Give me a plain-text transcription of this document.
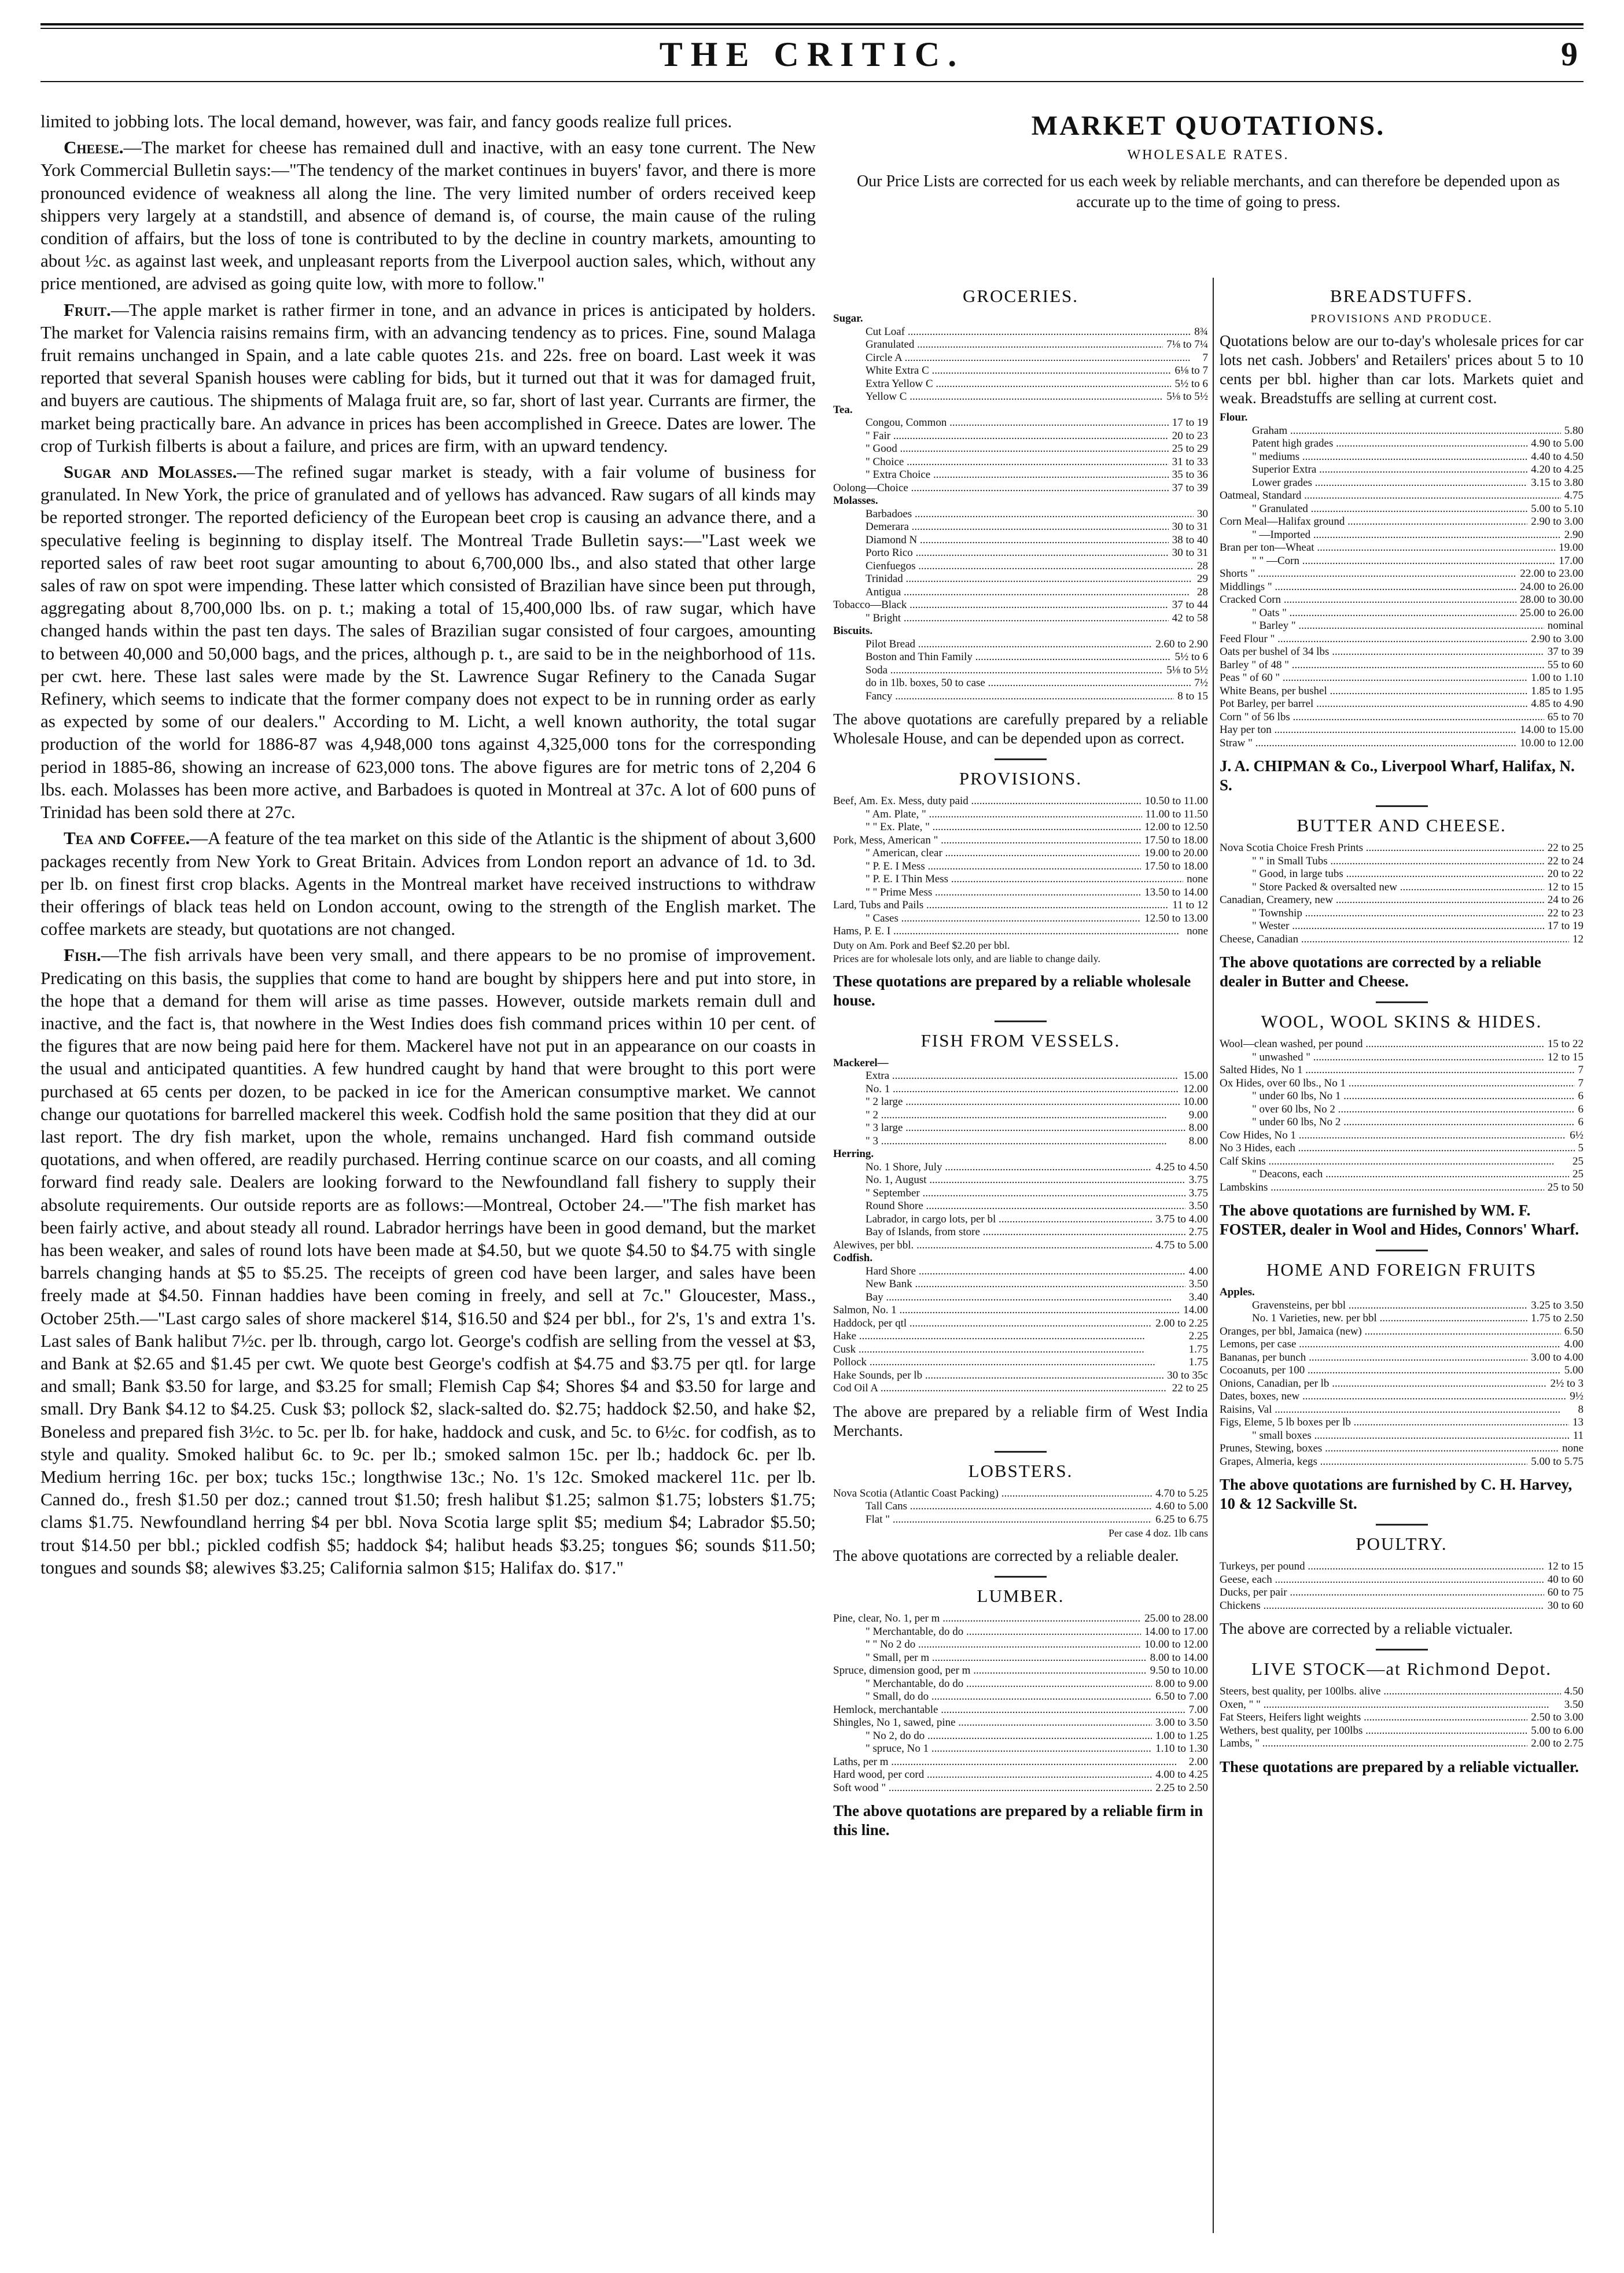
THE CRITIC.	9

limited to jobbing lots. The local demand, however, was fair, and fancy goods realize full prices.

Cheese.—The market for cheese has remained dull and inactive, with an easy tone current. The New York Commercial Bulletin says:—"The tendency of the market continues in buyers' favor, and there is more pronounced evidence of weakness all along the line. The very limited number of orders received keep shippers very largely at a standstill, and absence of demand is, of course, the main cause of the ruling condition of affairs, but the loss of tone is contributed to by the decline in country markets, amounting to about ½c. as against last week, and unpleasant reports from the Liverpool auction sales, which, without any price mentioned, are advised as going quite low, with more to follow."

Fruit.—The apple market is rather firmer in tone, and an advance in prices is anticipated by holders. The market for Valencia raisins remains firm, with an advancing tendency as to prices. Fine, sound Malaga fruit remains unchanged in Spain, and a late cable quotes 21s. and 22s. free on board. Last week it was reported that several Spanish houses were cabling for bids, but it turned out that it was for damaged fruit, and buyers are cautious. The shipments of Malaga fruit are, so far, short of last year. Currants are firmer, the market being practically bare. An advance in prices has been accomplished in Greece. Dates are lower. The crop of Turkish filberts is about a failure, and prices are firm, with an upward tendency.

Sugar and Molasses.—The refined sugar market is steady, with a fair volume of business for granulated. In New York, the price of granulated and of yellows has advanced. Raw sugars of all kinds may be reported stronger. The reported deficiency of the European beet crop is causing an advance there, and a speculative feeling is beginning to display itself. The Montreal Trade Bulletin says:—"Last week we reported sales of raw beet root sugar amounting to about 6,700,000 lbs., and also stated that other large sales of raw on spot were impending. These latter which consisted of Brazilian have since been put through, aggregating about 8,700,000 lbs. on p. t.; making a total of 15,400,000 lbs. of raw sugar, which have changed hands within the past ten days. The sales of Brazilian sugar consisted of four cargoes, amounting to between 40,000 and 50,000 bags, and the prices, although p. t., are said to be in the neighborhood of 11s. per cwt. here. These last sales were made by the St. Lawrence Sugar Refinery to the Canada Sugar Refinery, which seems to indicate that the former company does not expect to be in running order as early as expected by some of our dealers." According to M. Licht, a well known authority, the total sugar production of the world for 1886-87 was 4,948,000 tons against 4,325,000 tons for the corresponding period in 1885-86, showing an increase of 623,000 tons. The above figures are for metric tons of 2,204 6 lbs. each. Molasses has been more active, and Barbadoes is quoted in Montreal at 37c. A lot of 600 puns of Trinidad has been sold there at 27c.

Tea and Coffee.—A feature of the tea market on this side of the Atlantic is the shipment of about 3,600 packages recently from New York to Great Britain. Advices from London report an advance of 1d. to 3d. per lb. on finest first crop blacks. Agents in the Montreal market have received instructions to withdraw their offerings of black teas held on London account, owing to the strength of the English market. The coffee markets are steady, but quotations are not changed.

Fish.—The fish arrivals have been very small, and there appears to be no promise of improvement. Predicating on this basis, the supplies that come to hand are bought by shippers here and put into store, in the hope that a demand for them will arise as time passes. However, outside markets remain dull and inactive, and the fact is, that nowhere in the West Indies does fish command prices within 10 per cent. of the figures that are now being paid here for them. Mackerel have not put in an appearance on our coasts in the usual and anticipated quantities. A few hundred caught by hand that were brought to this port were purchased at 65 cents per dozen, to be packed in ice for the American consumptive market. We cannot change our quotations for barrelled mackerel this week. Codfish hold the same position that they did at our last report. The dry fish market, upon the whole, remains unchanged. Hard fish command outside quotations, and when offered, are readily purchased. Herring continue scarce on our coasts, and all coming forward find ready sale. Dealers are looking forward to the Newfoundland fall fishery to supply their absolute requirements. Our outside reports are as follows:—Montreal, October 24.—"The fish market has been fairly active, and about steady all round. Labrador herrings have been in good demand, but the market has been weaker, and sales of round lots have been made at $4.50, but we quote $4.50 to $4.75 with single barrels changing hands at $5 to $5.25. The receipts of green cod have been larger, and sales have been freely made at $4.50. Finnan haddies have been coming in freely, and sell at 7c." Gloucester, Mass., October 25th.—"Last cargo sales of shore mackerel $14, $16.50 and $24 per bbl., for 2's, 1's and extra 1's. Last sales of Bank halibut 7½c. per lb. through, cargo lot. George's codfish are selling from the vessel at $3, and Bank at $2.65 and $1.45 per cwt. We quote best George's codfish at $4.75 and $3.75 per qtl. for large and small; Bank $3.50 for large, and $3.25 for small; Flemish Cap $4; Shores $4 and $3.50 for large and small. Dry Bank $4.12 to $4.25. Cusk $3; pollock $2, slack-salted do. $2.75; haddock $2.50, and hake $2, Boneless and prepared fish 3½c. to 5c. per lb. for hake, haddock and cusk, and 5c. to 6½c. for codfish, as to style and quality. Smoked halibut 6c. to 9c. per lb.; smoked salmon 15c. per lb.; haddock 6c. per lb. Medium herring 16c. per box; tucks 15c.; longthwise 13c.; No. 1's 12c. Smoked mackerel 11c. per lb. Canned do., fresh $1.50 per doz.; canned trout $1.50; fresh halibut $1.25; salmon $1.75; lobsters $1.75; clams $1.75. Newfoundland herring $4 per bbl. Nova Scotia large split $5; medium $4; Labrador $5.50; trout $14.50 per bbl.; pickled codfish $5; haddock $4; halibut heads $3.25; tongues $6; sounds $11.50; tongues and sounds $8; alewives $3.25; California salmon $15; Halifax do. $17."

MARKET QUOTATIONS.
WHOLESALE RATES.
Our Price Lists are corrected for us each week by reliable merchants, and can therefore be depended upon as accurate up to the time of going to press.
GROCERIES.
Sugar.
Cut Loaf .....	8¾
Granulated .....	7⅛ to 7¼
Circle A .....	7
White Extra C .....	6⅛ to 7
Extra Yellow C .....	5½ to 6
Yellow C .....	5⅛ to 5½
Tea.
Congou, Common .....	17 to 19
" Fair .....	20 to 23
" Good .....	25 to 29
" Choice .....	31 to 33
" Extra Choice .....	35 to 36
Oolong—Choice .....	37 to 39
Molasses.
Barbadoes .....	30
Demerara .....	30 to 31
Diamond N .....	38 to 40
Porto Rico .....	30 to 31
Cienfuegos .....	28
Trinidad .....	29
Antigua .....	28
Tobacco—Black .....	37 to 44
" Bright .....	42 to 58
Biscuits.
Pilot Bread .....	2.60 to 2.90
Boston and Thin Family .....	5½ to 6
Soda .....	5⅛ to 5½
do in 1lb. boxes, 50 to case .....	7½
Fancy .....	8 to 15
The above quotations are carefully prepared by a reliable Wholesale House, and can be depended upon as correct.
PROVISIONS.
Beef, Am. Ex. Mess, duty paid .....	10.50 to 11.00
" Am. Plate, " .....	11.00 to 11.50
" " Ex. Plate, " .....	12.00 to 12.50
Pork, Mess, American " .....	17.50 to 18.00
" American, clear .....	19.00 to 20.00
" P. E. I Mess .....	17.50 to 18.00
" P. E. I Thin Mess .....	none
" " Prime Mess .....	13.50 to 14.00
Lard, Tubs and Pails .....	11 to 12
" Cases .....	12.50 to 13.00
Hams, P. E. I .....	none
Duty on Am. Pork and Beef $2.20 per bbl.
Prices are for wholesale lots only, and are liable to change daily.
These quotations are prepared by a reliable wholesale house.
FISH FROM VESSELS.
Mackerel—
Extra .....	15.00
No. 1 .....	12.00
" 2 large .....	10.00
" 2 .....	9.00
" 3 large .....	8.00
" 3 .....	8.00
Herring.
No. 1 Shore, July .....	4.25 to 4.50
No. 1, August .....	3.75
" September .....	3.75
Round Shore .....	3.50
Labrador, in cargo lots, per bl .....	3.75 to 4.00
Bay of Islands, from store .....	2.75
Alewives, per bbl. .....	4.75 to 5.00
Codfish.
Hard Shore .....	4.00
New Bank .....	3.50
Bay .....	3.40
Salmon, No. 1 .....	14.00
Haddock, per qtl .....	2.00 to 2.25
Hake .....	2.25
Cusk .....	1.75
Pollock .....	1.75
Hake Sounds, per lb .....	30 to 35c
Cod Oil A .....	22 to 25
The above are prepared by a reliable firm of West India Merchants.
LOBSTERS.
Nova Scotia (Atlantic Coast Packing) .....	4.70 to 5.25
Tall Cans .....	4.60 to 5.00
Flat " .....	6.25 to 6.75
Per case 4 doz. 1lb cans
The above quotations are corrected by a reliable dealer.
LUMBER.
Pine, clear, No. 1, per m .....	25.00 to 28.00
" Merchantable, do do .....	14.00 to 17.00
" " No 2 do .....	10.00 to 12.00
" Small, per m .....	8.00 to 14.00
Spruce, dimension good, per m .....	9.50 to 10.00
" Merchantable, do do .....	8.00 to 9.00
" Small, do do .....	6.50 to 7.00
Hemlock, merchantable .....	7.00
Shingles, No 1, sawed, pine .....	3.00 to 3.50
" No 2, do do .....	1.00 to 1.25
" spruce, No 1 .....	1.10 to 1.30
Laths, per m .....	2.00
Hard wood, per cord .....	4.00 to 4.25
Soft wood " .....	2.25 to 2.50
The above quotations are prepared by a reliable firm in this line.
BREADSTUFFS.
PROVISIONS AND PRODUCE.
Quotations below are our to-day's wholesale prices for car lots net cash. Jobbers' and Retailers' prices about 5 to 10 cents per bbl. higher than car lots. Markets quiet and weak. Breadstuffs are selling at current cost.
Flour.
Graham .....	5.80
Patent high grades .....	4.90 to 5.00
" mediums .....	4.40 to 4.50
Superior Extra .....	4.20 to 4.25
Lower grades .....	3.15 to 3.80
Oatmeal, Standard .....	4.75
" Granulated .....	5.00 to 5.10
Corn Meal—Halifax ground .....	2.90 to 3.00
" —Imported .....	2.90
Bran per ton—Wheat .....	19.00
" " —Corn .....	17.00
Shorts " .....	22.00 to 23.00
Middlings " .....	24.00 to 26.00
Cracked Corn .....	28.00 to 30.00
" Oats " .....	25.00 to 26.00
" Barley " .....	nominal
Feed Flour " .....	2.90 to 3.00
Oats per bushel of 34 lbs .....	37 to 39
Barley " of 48 " .....	55 to 60
Peas " of 60 " .....	1.00 to 1.10
White Beans, per bushel .....	1.85 to 1.95
Pot Barley, per barrel .....	4.85 to 4.90
Corn " of 56 lbs .....	65 to 70
Hay per ton .....	14.00 to 15.00
Straw " .....	10.00 to 12.00
J. A. CHIPMAN & Co., Liverpool Wharf, Halifax, N. S.
BUTTER AND CHEESE.
Nova Scotia Choice Fresh Prints .....	22 to 25
" " in Small Tubs .....	22 to 24
" Good, in large tubs .....	20 to 22
" Store Packed & oversalted new .....	12 to 15
Canadian, Creamery, new .....	24 to 26
" Township .....	22 to 23
" Wester .....	17 to 19
Cheese, Canadian .....	12
The above quotations are corrected by a reliable dealer in Butter and Cheese.
WOOL, WOOL SKINS & HIDES.
Wool—clean washed, per pound .....	15 to 22
" unwashed " .....	12 to 15
Salted Hides, No 1 .....	7
Ox Hides, over 60 lbs., No 1 .....	7
" under 60 lbs, No 1 .....	6
" over 60 lbs, No 2 .....	6
" under 60 lbs, No 2 .....	6
Cow Hides, No 1 .....	6½
No 3 Hides, each .....	5
Calf Skins .....	25
" Deacons, each .....	25
Lambskins .....	25 to 50
The above quotations are furnished by WM. F. FOSTER, dealer in Wool and Hides, Connors' Wharf.
HOME AND FOREIGN FRUITS
Apples.
Gravensteins, per bbl .....	3.25 to 3.50
No. 1 Varieties, new. per bbl .....	1.75 to 2.50
Oranges, per bbl, Jamaica (new) .....	6.50
Lemons, per case .....	4.00
Bananas, per bunch .....	3.00 to 4.00
Cocoanuts, per 100 .....	5.00
Onions, Canadian, per lb .....	2½ to 3
Dates, boxes, new .....	9½
Raisins, Val .....	8
Figs, Eleme, 5 lb boxes per lb .....	13
" small boxes .....	11
Prunes, Stewing, boxes .....	none
Grapes, Almeria, kegs .....	5.00 to 5.75
The above quotations are furnished by C. H. Harvey, 10 & 12 Sackville St.
POULTRY.
Turkeys, per pound .....	12 to 15
Geese, each .....	40 to 60
Ducks, per pair .....	60 to 75
Chickens .....	30 to 60
The above are corrected by a reliable victualer.
LIVE STOCK—at Richmond Depot.
Steers, best quality, per 100lbs. alive .....	4.50
Oxen, " " .....	3.50
Fat Steers, Heifers light weights .....	2.50 to 3.00
Wethers, best quality, per 100lbs .....	5.00 to 6.00
Lambs, " .....	2.00 to 2.75
These quotations are prepared by a reliable victualler.
